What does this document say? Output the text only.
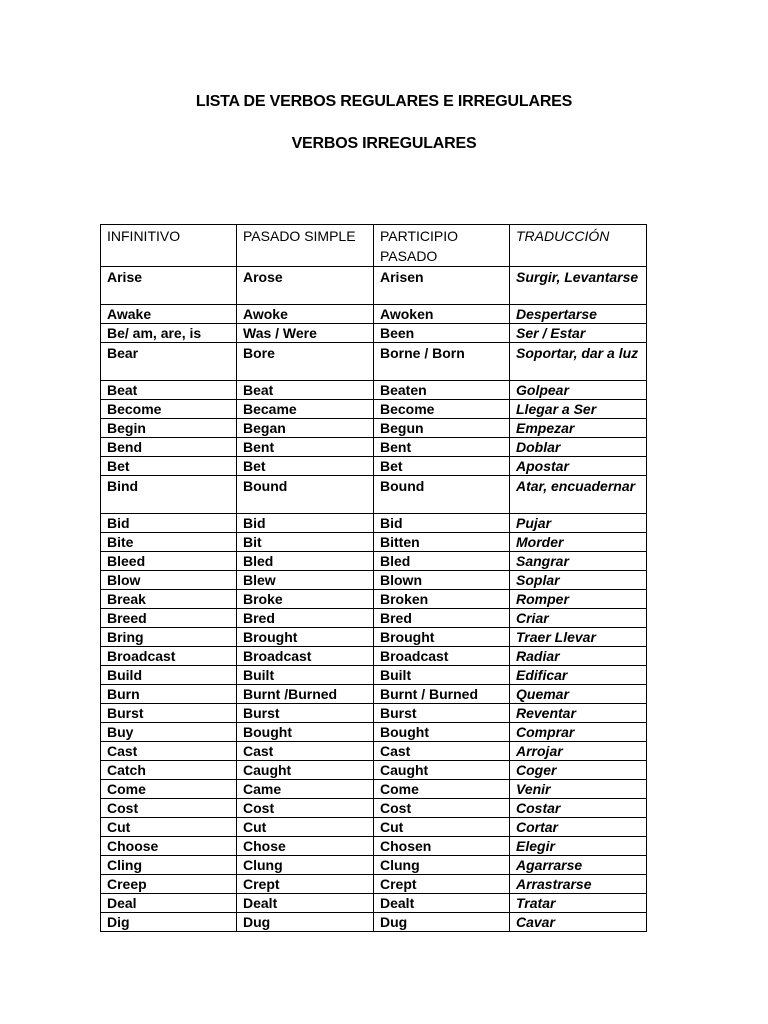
LISTA DE VERBOS REGULARES E IRREGULARES
VERBOS IRREGULARES
INFINITIVO	PASADO SIMPLE	PARTICIPIO PASADO	TRADUCCIÓN
Arise	Arose	Arisen	Surgir, Levantarse
Awake	Awoke	Awoken	Despertarse
Be/ am, are, is	Was / Were	Been	Ser / Estar
Bear	Bore	Borne / Born	Soportar, dar a luz
Beat	Beat	Beaten	Golpear
Become	Became	Become	Llegar a Ser
Begin	Began	Begun	Empezar
Bend	Bent	Bent	Doblar
Bet	Bet	Bet	Apostar
Bind	Bound	Bound	Atar, encuadernar
Bid	Bid	Bid	Pujar
Bite	Bit	Bitten	Morder
Bleed	Bled	Bled	Sangrar
Blow	Blew	Blown	Soplar
Break	Broke	Broken	Romper
Breed	Bred	Bred	Criar
Bring	Brought	Brought	Traer Llevar
Broadcast	Broadcast	Broadcast	Radiar
Build	Built	Built	Edificar
Burn	Burnt /Burned	Burnt / Burned	Quemar
Burst	Burst	Burst	Reventar
Buy	Bought	Bought	Comprar
Cast	Cast	Cast	Arrojar
Catch	Caught	Caught	Coger
Come	Came	Come	Venir
Cost	Cost	Cost	Costar
Cut	Cut	Cut	Cortar
Choose	Chose	Chosen	Elegir
Cling	Clung	Clung	Agarrarse
Creep	Crept	Crept	Arrastrarse
Deal	Dealt	Dealt	Tratar
Dig	Dug	Dug	Cavar
